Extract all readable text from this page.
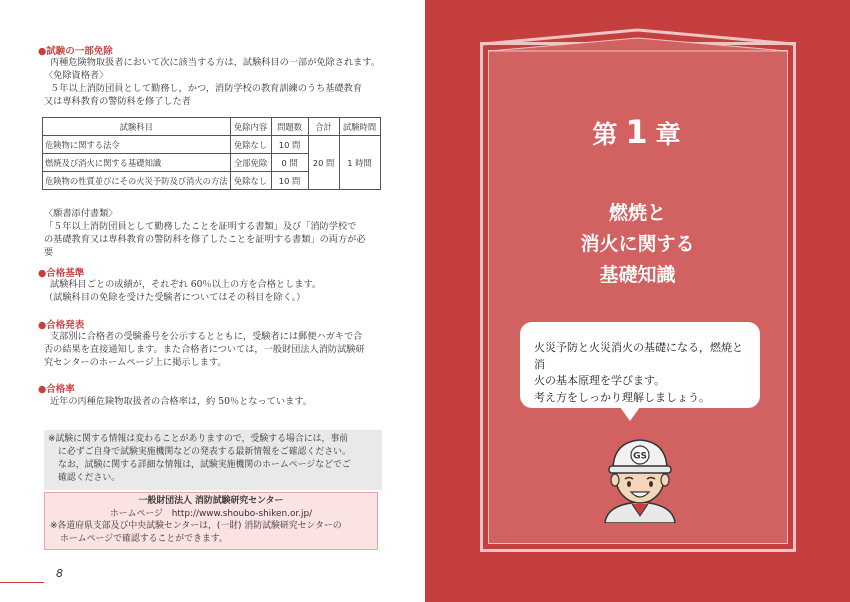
●試験の一部免除
丙種危険物取扱者において次に該当する方は，試験科目の一部が免除されます。
〈免除資格者〉
５年以上消防団員として勤務し，かつ，消防学校の教育訓練のうち基礎教育
又は専科教育の警防科を修了した者
試験科目	免除内容	問題数	合計	試験時間
危険物に関する法令	免除なし	10 問	20 問	1 時間
燃焼及び消火に関する基礎知識	全部免除	0 問		
危険物の性質並びにその火災予防及び消火の方法	免除なし	10 問		
〈願書添付書類〉
「５年以上消防団員として勤務したことを証明する書類」及び「消防学校で
の基礎教育又は専科教育の警防科を修了したことを証明する書類」の両方が必
要
●合格基準
試験科目ごとの成績が，それぞれ 60％以上の方を合格とします。
（試験科目の免除を受けた受験者についてはその科目を除く。）
●合格発表
支部別に合格者の受験番号を公示するとともに，受験者には郵便ハガキで合
否の結果を直接通知します。また合格者については，一般財団法人消防試験研
究センターのホームページ上に掲示します。
●合格率
近年の丙種危険物取扱者の合格率は，約 50％となっています。
※試験に関する情報は変わることがありますので，受験する場合には，事前
に必ずご自身で試験実施機関などの発表する最新情報をご確認ください。
なお，試験に関する詳細な情報は，試験実施機関のホームページなどでご
確認ください。
一般財団法人 消防試験研究センター
ホームページ　http://www.shoubo-shiken.or.jp/
※各道府県支部及び中央試験センターは，(一財) 消防試験研究センターの
ホームページで確認することができます。
8
第 1 章
燃焼と
消火に関する
基礎知識
火災予防と火災消火の基礎になる，燃焼と消
火の基本原理を学びます。
考え方をしっかり理解しましょう。
GS
